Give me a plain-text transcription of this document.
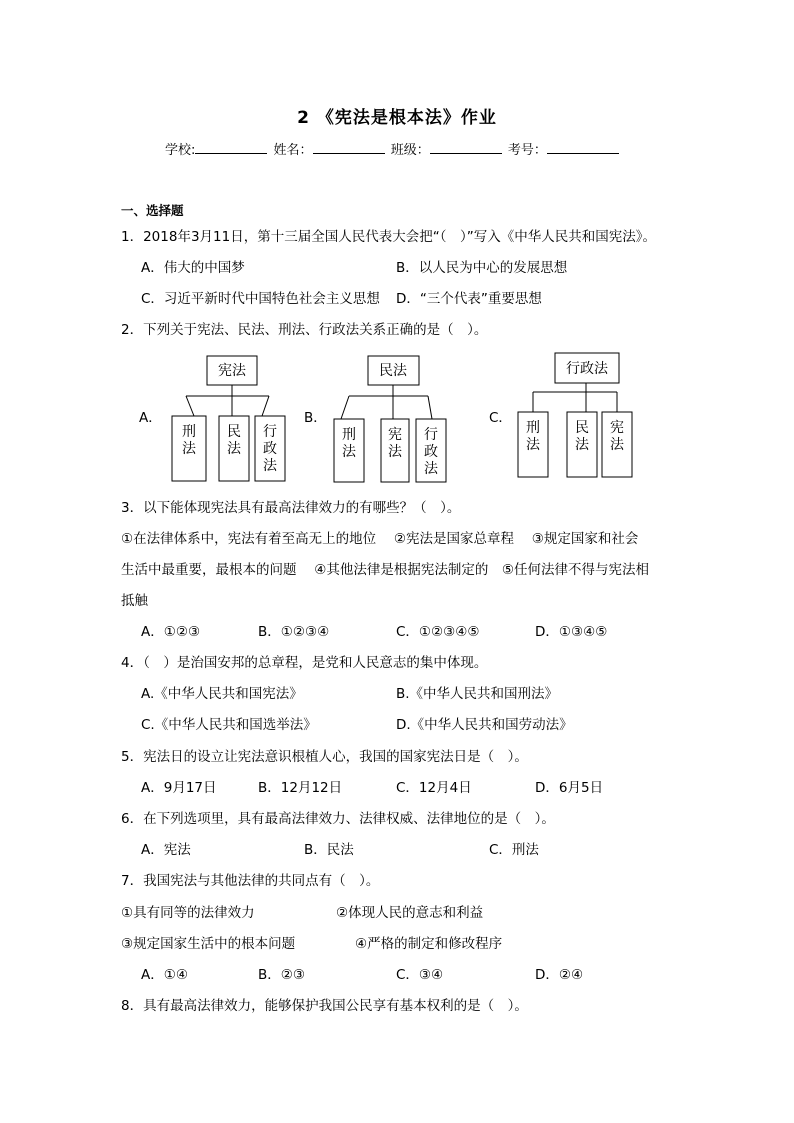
2 《宪法是根本法》作业
学校:	姓名：	班级：	考号：
一、选择题
1．2018年3月11日，第十三届全国人民代表大会把“（　）”写入《中华人民共和国宪法》。
A．伟大的中国梦	B．以人民为中心的发展思想
C．习近平新时代中国特色社会主义思想 D．“三个代表”重要思想
2．下列关于宪法、民法、刑法、行政法关系正确的是（　）。
A．	B．	C．
宪法
刑
法
民
法
行
政
法
民法
刑
法
宪
法
行
政
法
行政法
刑
法
民
法
宪
法
3．以下能体现宪法具有最高法律效力的有哪些？（　）。
①在法律体系中，宪法有着至高无上的地位　 ②宪法是国家总章程　 ③规定国家和社会
生活中最重要，最根本的问题　 ④其他法律是根据宪法制定的　⑤任何法律不得与宪法相
抵触
A．①②③	B．①②③④	C．①②③④⑤	D．①③④⑤
4．（　）是治国安邦的总章程，是党和人民意志的集中体现。
A.《中华人民共和国宪法》	B.《中华人民共和国刑法》
C.《中华人民共和国选举法》	D.《中华人民共和国劳动法》
5．宪法日的设立让宪法意识根植人心，我国的国家宪法日是（　）。
A．9月17日	B．12月12日	C．12月4日	D．6月5日
6．在下列选项里，具有最高法律效力、法律权威、法律地位的是（　）。
A．宪法	B．民法	C．刑法
7．我国宪法与其他法律的共同点有（　）。
①具有同等的法律效力	②体现人民的意志和利益
③规定国家生活中的根本问题	④严格的制定和修改程序
A．①④	B．②③	C．③④	D．②④
8．具有最高法律效力，能够保护我国公民享有基本权利的是（　）。
